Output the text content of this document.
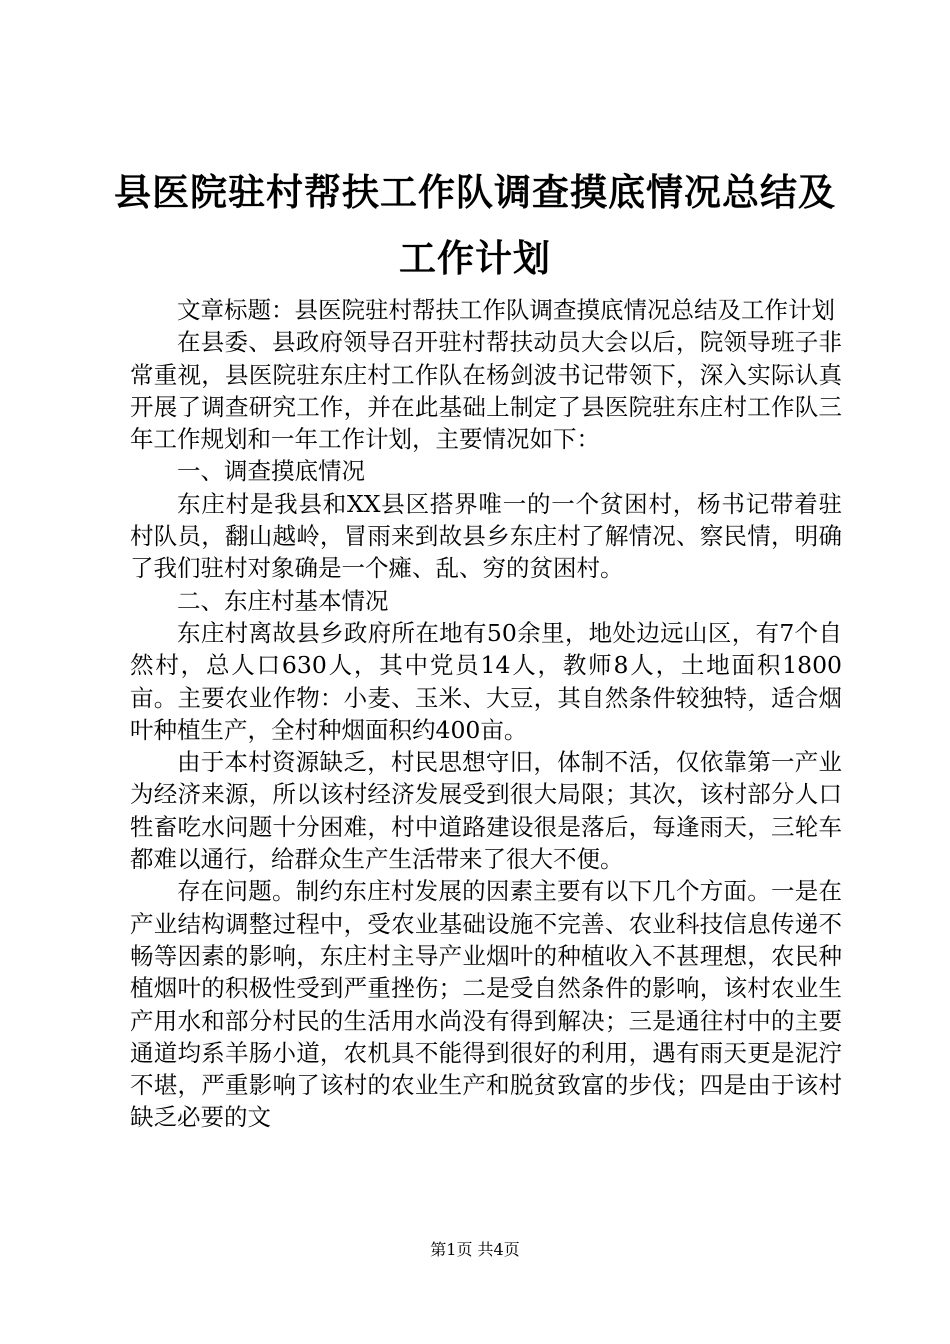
县医院驻村帮扶工作队调查摸底情况总结及工作计划

文章标题：县医院驻村帮扶工作队调查摸底情况总结及工作计划

在县委、县政府领导召开驻村帮扶动员大会以后，院领导班子非常重视，县医院驻东庄村工作队在杨剑波书记带领下，深入实际认真开展了调查研究工作，并在此基础上制定了县医院驻东庄村工作队三年工作规划和一年工作计划，主要情况如下：

一、调查摸底情况

东庄村是我县和XX县区搭界唯一的一个贫困村，杨书记带着驻村队员，翻山越岭，冒雨来到故县乡东庄村了解情况、察民情，明确了我们驻村对象确是一个瘫、乱、穷的贫困村。

二、东庄村基本情况

东庄村离故县乡政府所在地有50余里，地处边远山区，有7个自然村，总人口630人，其中党员14人，教师8人，土地面积1800亩。主要农业作物：小麦、玉米、大豆，其自然条件较独特，适合烟叶种植生产，全村种烟面积约400亩。

由于本村资源缺乏，村民思想守旧，体制不活，仅依靠第一产业为经济来源，所以该村经济发展受到很大局限；其次，该村部分人口牲畜吃水问题十分困难，村中道路建设很是落后，每逢雨天，三轮车都难以通行，给群众生产生活带来了很大不便。

存在问题。制约东庄村发展的因素主要有以下几个方面。一是在产业结构调整过程中，受农业基础设施不完善、农业科技信息传递不畅等因素的影响，东庄村主导产业烟叶的种植收入不甚理想，农民种植烟叶的积极性受到严重挫伤；二是受自然条件的影响，该村农业生产用水和部分村民的生活用水尚没有得到解决；三是通往村中的主要通道均系羊肠小道，农机具不能得到很好的利用，遇有雨天更是泥泞不堪，严重影响了该村的农业生产和脱贫致富的步伐；四是由于该村缺乏必要的文

第1页 共4页
